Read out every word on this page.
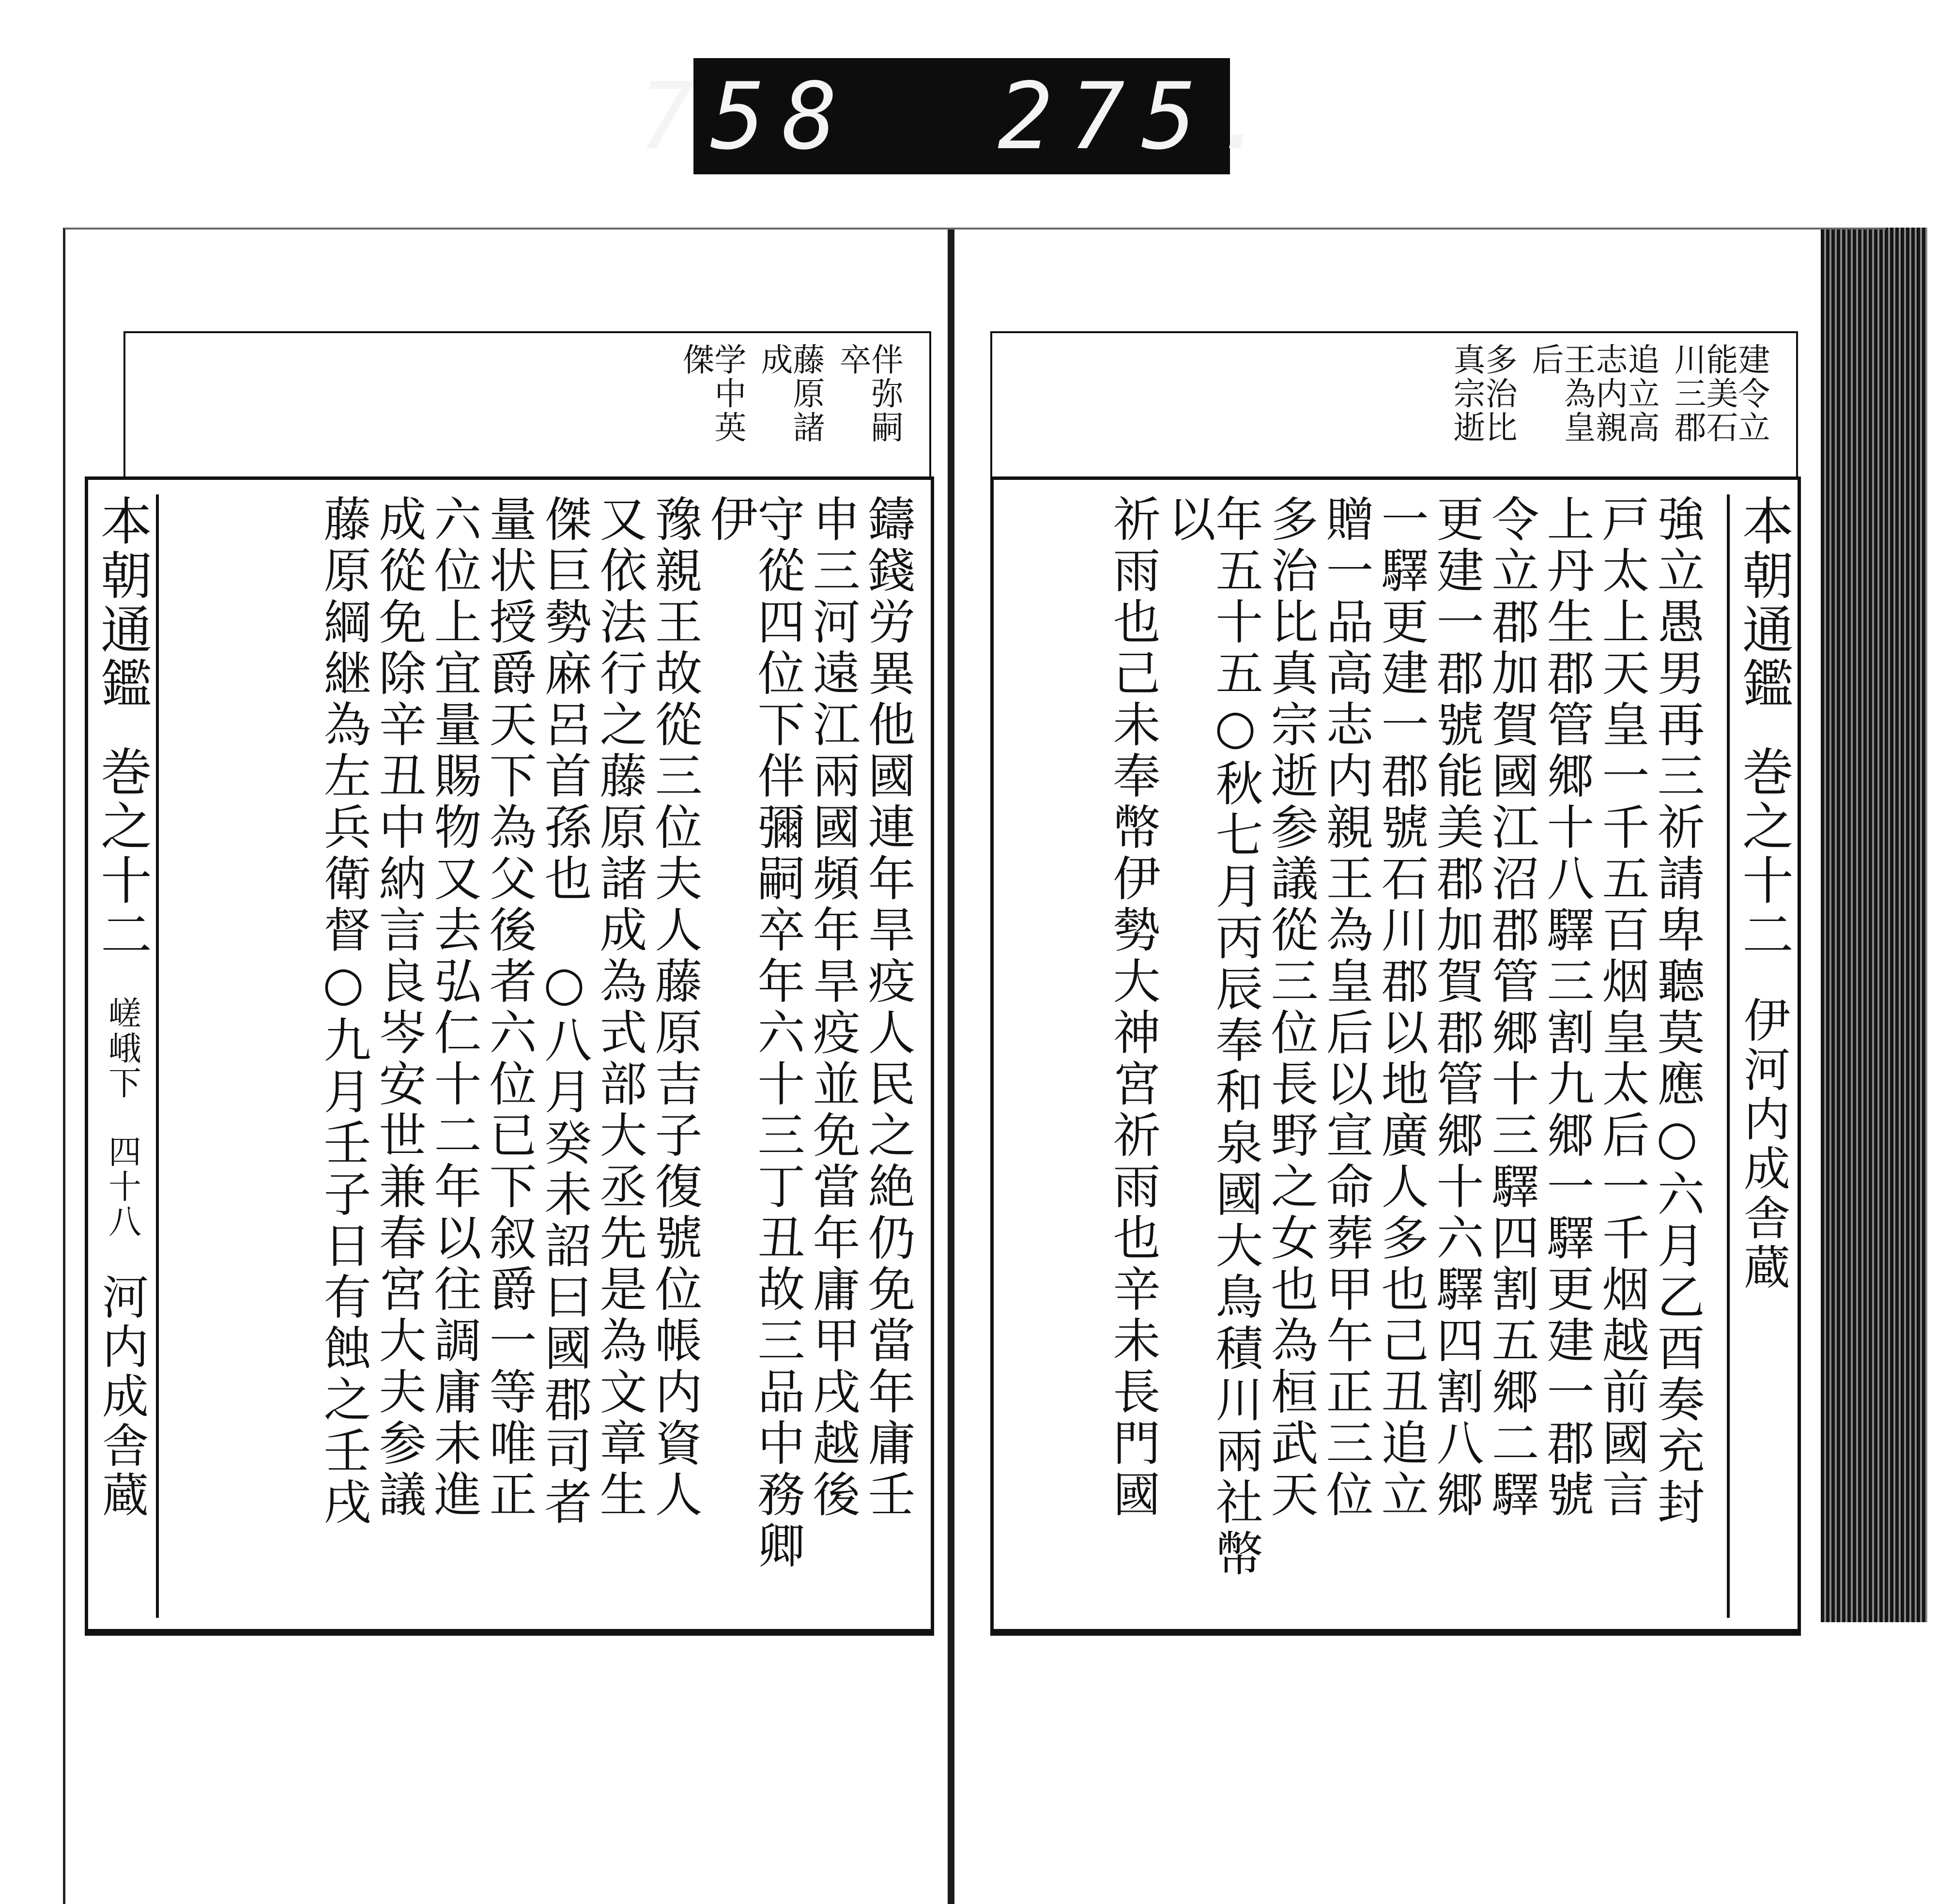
758  275.
伴弥嗣卒
藤原諸成
学中英傑
本朝通鑑
巻之十二
嵯峨下
四十八
河内成舎蔵	鑄錢労異他國連年旱疫人民之絶仍免當年庸壬
申三河遠江兩國頻年旱疫並免當年庸甲戌越後
守從四位下伴彌嗣卒年六十三丁丑故三品中務卿伊
豫親王故從三位夫人藤原吉子復號位帳内資人
又依法行之藤原諸成為式部大丞先是為文章生
傑巨勢麻呂首孫也　○八月癸未詔曰國郡司者
量状授爵天下為父後者六位已下叙爵一等唯正
六位上宜量賜物又去弘仁十二年以往調庸未進
成從免除辛丑中納言良岑安世兼春宮大夫参議
藤原綱継為左兵衛督○九月壬子日有蝕之壬戌
建令立能美石川三郡
追立高志内親王為皇后
多治比真宗逝
強立愚男再三祈請卑聽莫應○六月乙酉奏充封
戸太上天皇一千五百烟皇太后一千烟越前國言
上丹生郡管郷十八驛三割九郷一驛更建一郡號
令立郡加賀國江沼郡管郷十三驛四割五郷二驛
更建一郡號能美郡加賀郡管郷十六驛四割八郷
一驛更建一郡號石川郡以地廣人多也己丑追立
贈一品高志内親王為皇后以宣命葬甲午正三位
多治比真宗逝参議從三位長野之女也為桓武天
年五十五○秋七月丙辰奉和泉國大鳥積川兩社幣以
祈雨也己未奉幣伊勢大神宮祈雨也辛未長門國	本朝通鑑
巻之十二
伊河内成舎蔵
